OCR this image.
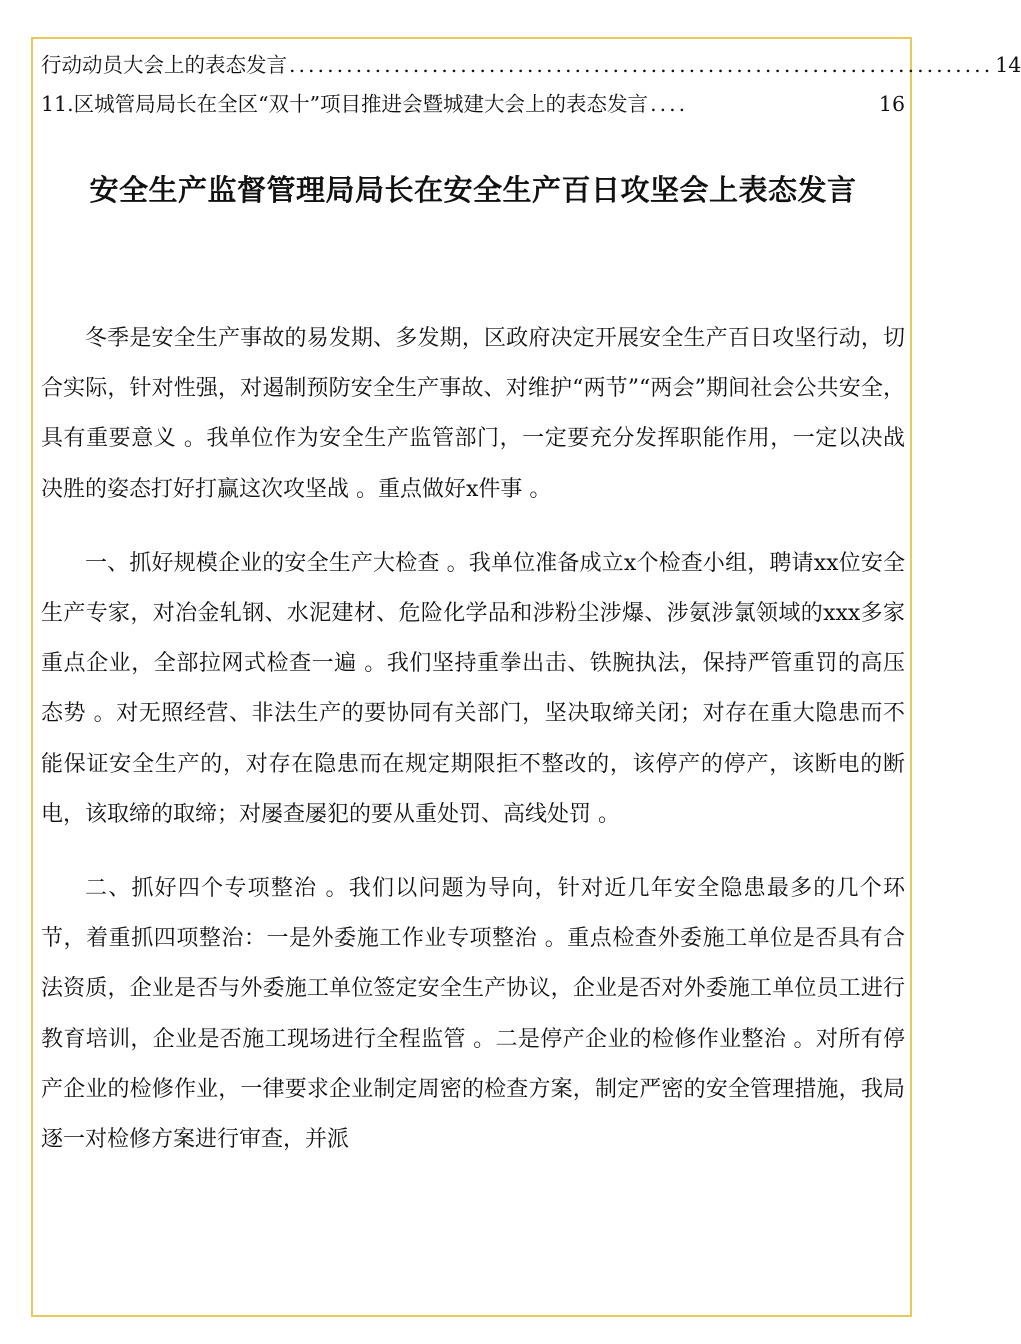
行动动员大会上的表态发言 .......................................................................... 14
11.区城管局局长在全区“双十”项目推进会暨城建大会上的表态发言 ....	16
安全生产监督管理局局长在安全生产百日攻坚会上表态发言

冬季是安全生产事故的易发期、多发期，区政府决定开展安全生产百日攻坚行动，切合实际，针对性强，对遏制预防安全生产事故、对维护“两节”“两会”期间社会公共安全，具有重要意义 。我单位作为安全生产监管部门，一定要充分发挥职能作用，一定以决战决胜的姿态打好打赢这次攻坚战 。重点做好x件事 。

一、抓好规模企业的安全生产大检查 。我单位准备成立x个检查小组，聘请xx位安全生产专家，对冶金轧钢、水泥建材、危险化学品和涉粉尘涉爆、涉氨涉氯领域的xxx多家重点企业，全部拉网式检查一遍 。我们坚持重拳出击、铁腕执法，保持严管重罚的高压态势 。对无照经营、非法生产的要协同有关部门，坚决取缔关闭；对存在重大隐患而不能保证安全生产的，对存在隐患而在规定期限拒不整改的，该停产的停产，该断电的断电，该取缔的取缔；对屡查屡犯的要从重处罚、高线处罚 。

二、抓好四个专项整治 。我们以问题为导向，针对近几年安全隐患最多的几个环节，着重抓四项整治：一是外委施工作业专项整治 。重点检查外委施工单位是否具有合法资质，企业是否与外委施工单位签定安全生产协议，企业是否对外委施工单位员工进行教育培训，企业是否施工现场进行全程监管 。二是停产企业的检修作业整治 。对所有停产企业的检修作业，一律要求企业制定周密的检查方案，制定严密的安全管理措施，我局逐一对检修方案进行审查，并派
